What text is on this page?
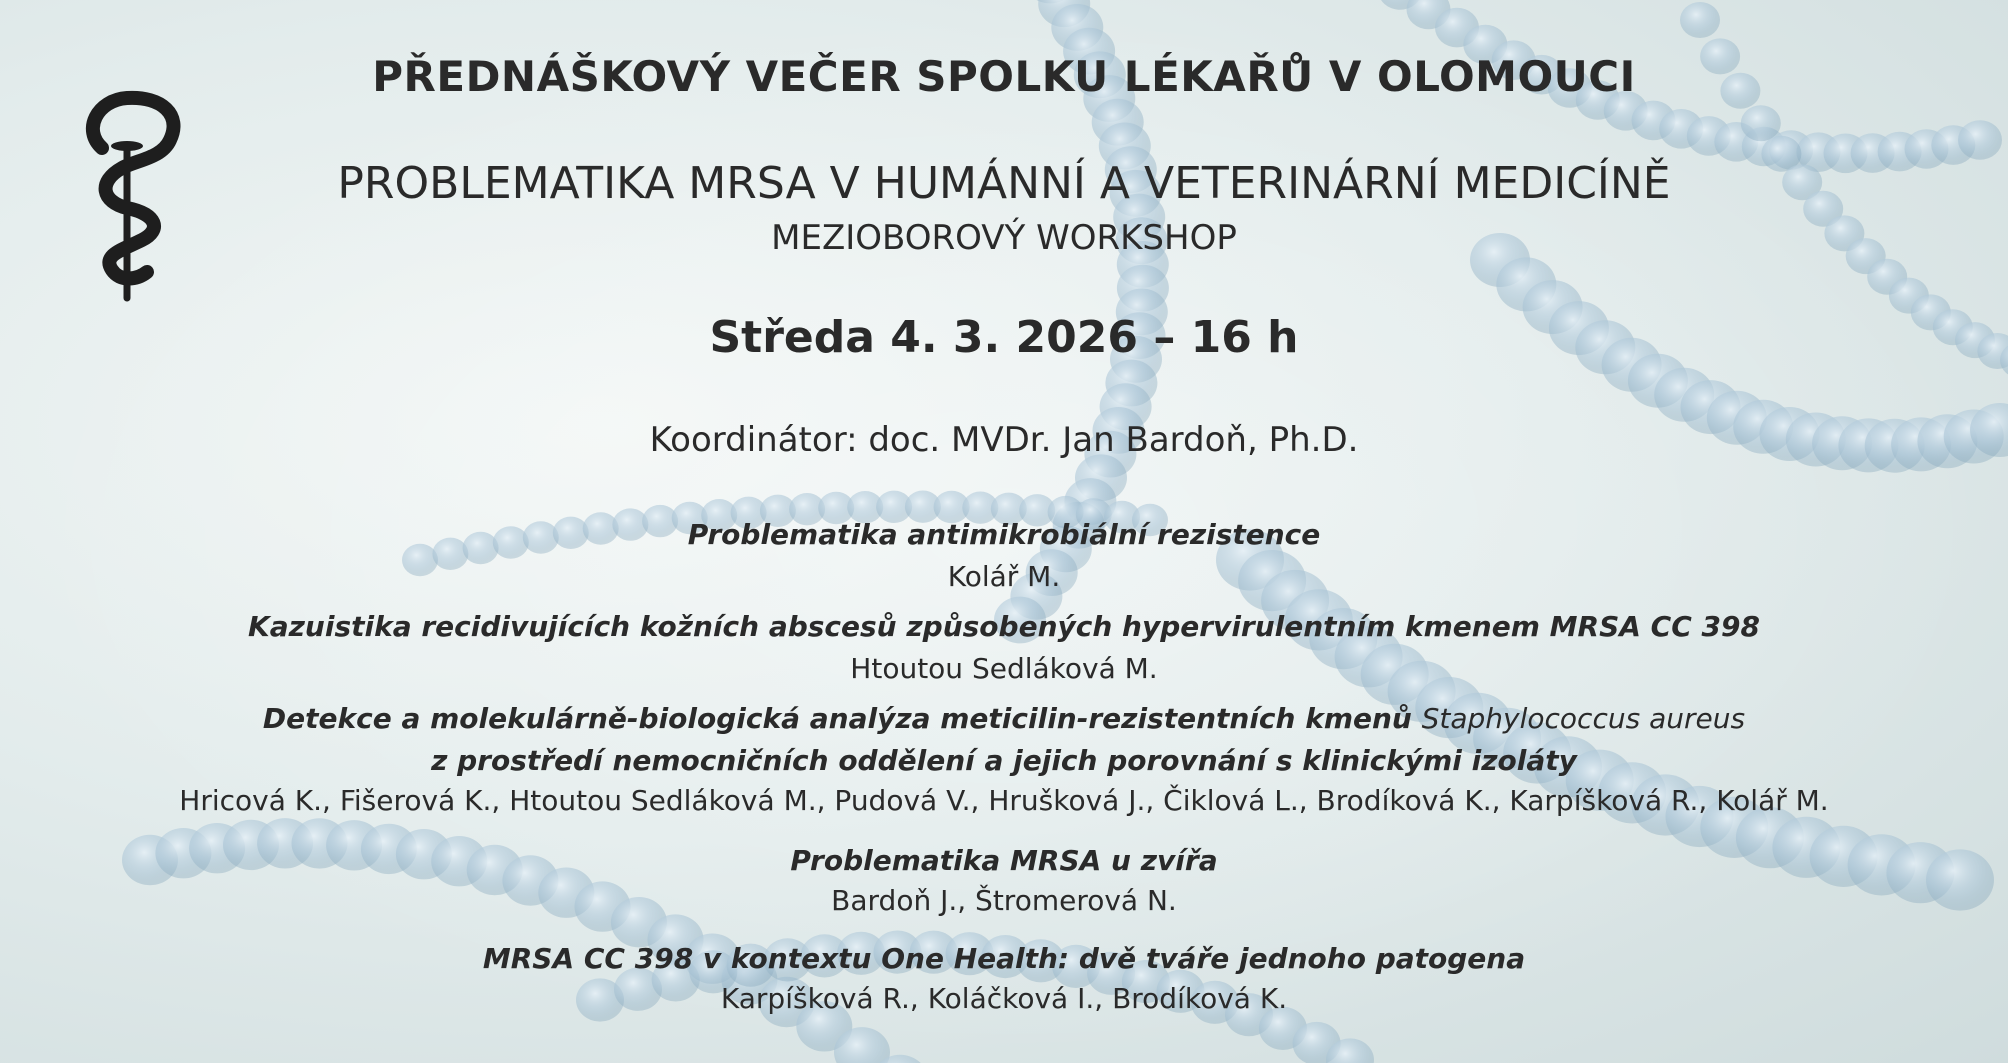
PŘEDNÁŠKOVÝ VEČER SPOLKU LÉKAŘŮ V OLOMOUCI
PROBLEMATIKA MRSA V HUMÁNNÍ A VETERINÁRNÍ MEDICÍNĚ
MEZIOBOROVÝ WORKSHOP
Středa 4. 3. 2026 – 16 h
Koordinátor: doc. MVDr. Jan Bardoň, Ph.D.
Problematika antimikrobiální rezistence
Kolář M.
Kazuistika recidivujících kožních abscesů způsobených hypervirulentním kmenem MRSA CC 398
Htoutou Sedláková M.
Detekce a molekulárně-biologická analýza meticilin-rezistentních kmenů Staphylococcus aureus
z prostředí nemocničních oddělení a jejich porovnání s klinickými izoláty
Hricová K., Fišerová K., Htoutou Sedláková M., Pudová V., Hrušková J., Čiklová L., Brodíková K., Karpíšková R., Kolář M.
Problematika MRSA u zvířa
Bardoň J., Štromerová N.
MRSA CC 398 v kontextu One Health: dvě tváře jednoho patogena
Karpíšková R., Koláčková I., Brodíková K.
